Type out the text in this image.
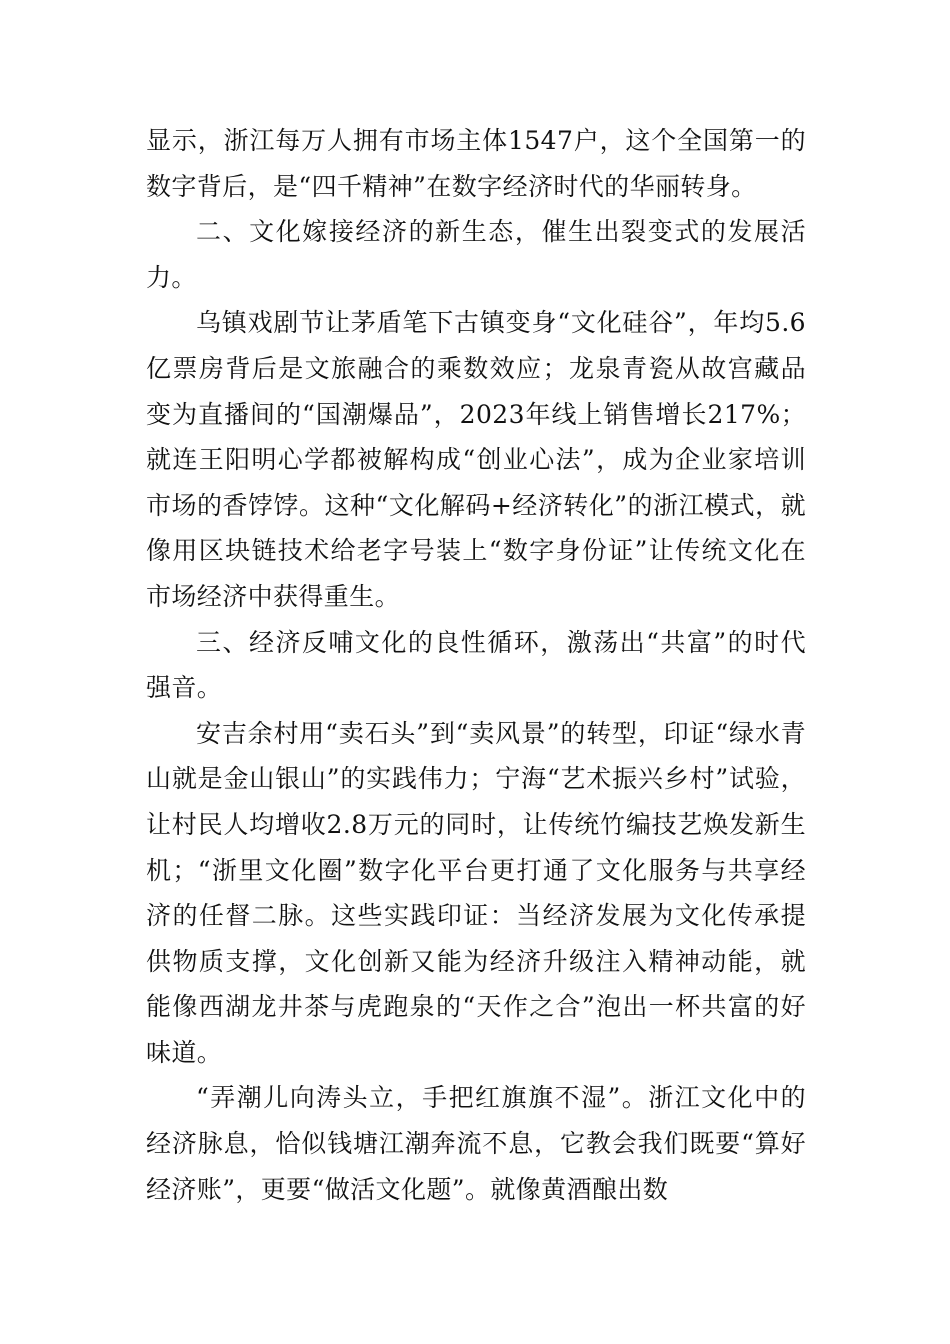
显示，浙江每万人拥有市场主体1547户，这个全国第一的数字背后，是“四千精神”在数字经济时代的华丽转身。

二、文化嫁接经济的新生态，催生出裂变式的发展活力。

乌镇戏剧节让茅盾笔下古镇变身“文化硅谷”，年均5.6亿票房背后是文旅融合的乘数效应；龙泉青瓷从故宫藏品变为直播间的“国潮爆品”，2023年线上销售增长217%；就连王阳明心学都被解构成“创业心法”，成为企业家培训市场的香饽饽。这种“文化解码+经济转化”的浙江模式，就像用区块链技术给老字号装上“数字身份证”让传统文化在市场经济中获得重生。

三、经济反哺文化的良性循环，激荡出“共富”的时代强音。

安吉余村用“卖石头”到“卖风景”的转型，印证“绿水青山就是金山银山”的实践伟力；宁海“艺术振兴乡村”试验，让村民人均增收2.8万元的同时，让传统竹编技艺焕发新生机；“浙里文化圈”数字化平台更打通了文化服务与共享经济的任督二脉。这些实践印证：当经济发展为文化传承提供物质支撑，文化创新又能为经济升级注入精神动能，就能像西湖龙井茶与虎跑泉的“天作之合”泡出一杯共富的好味道。

“弄潮儿向涛头立，手把红旗旗不湿”。浙江文化中的经济脉息，恰似钱塘江潮奔流不息，它教会我们既要“算好经济账”，更要“做活文化题”。就像黄酒酿出数
